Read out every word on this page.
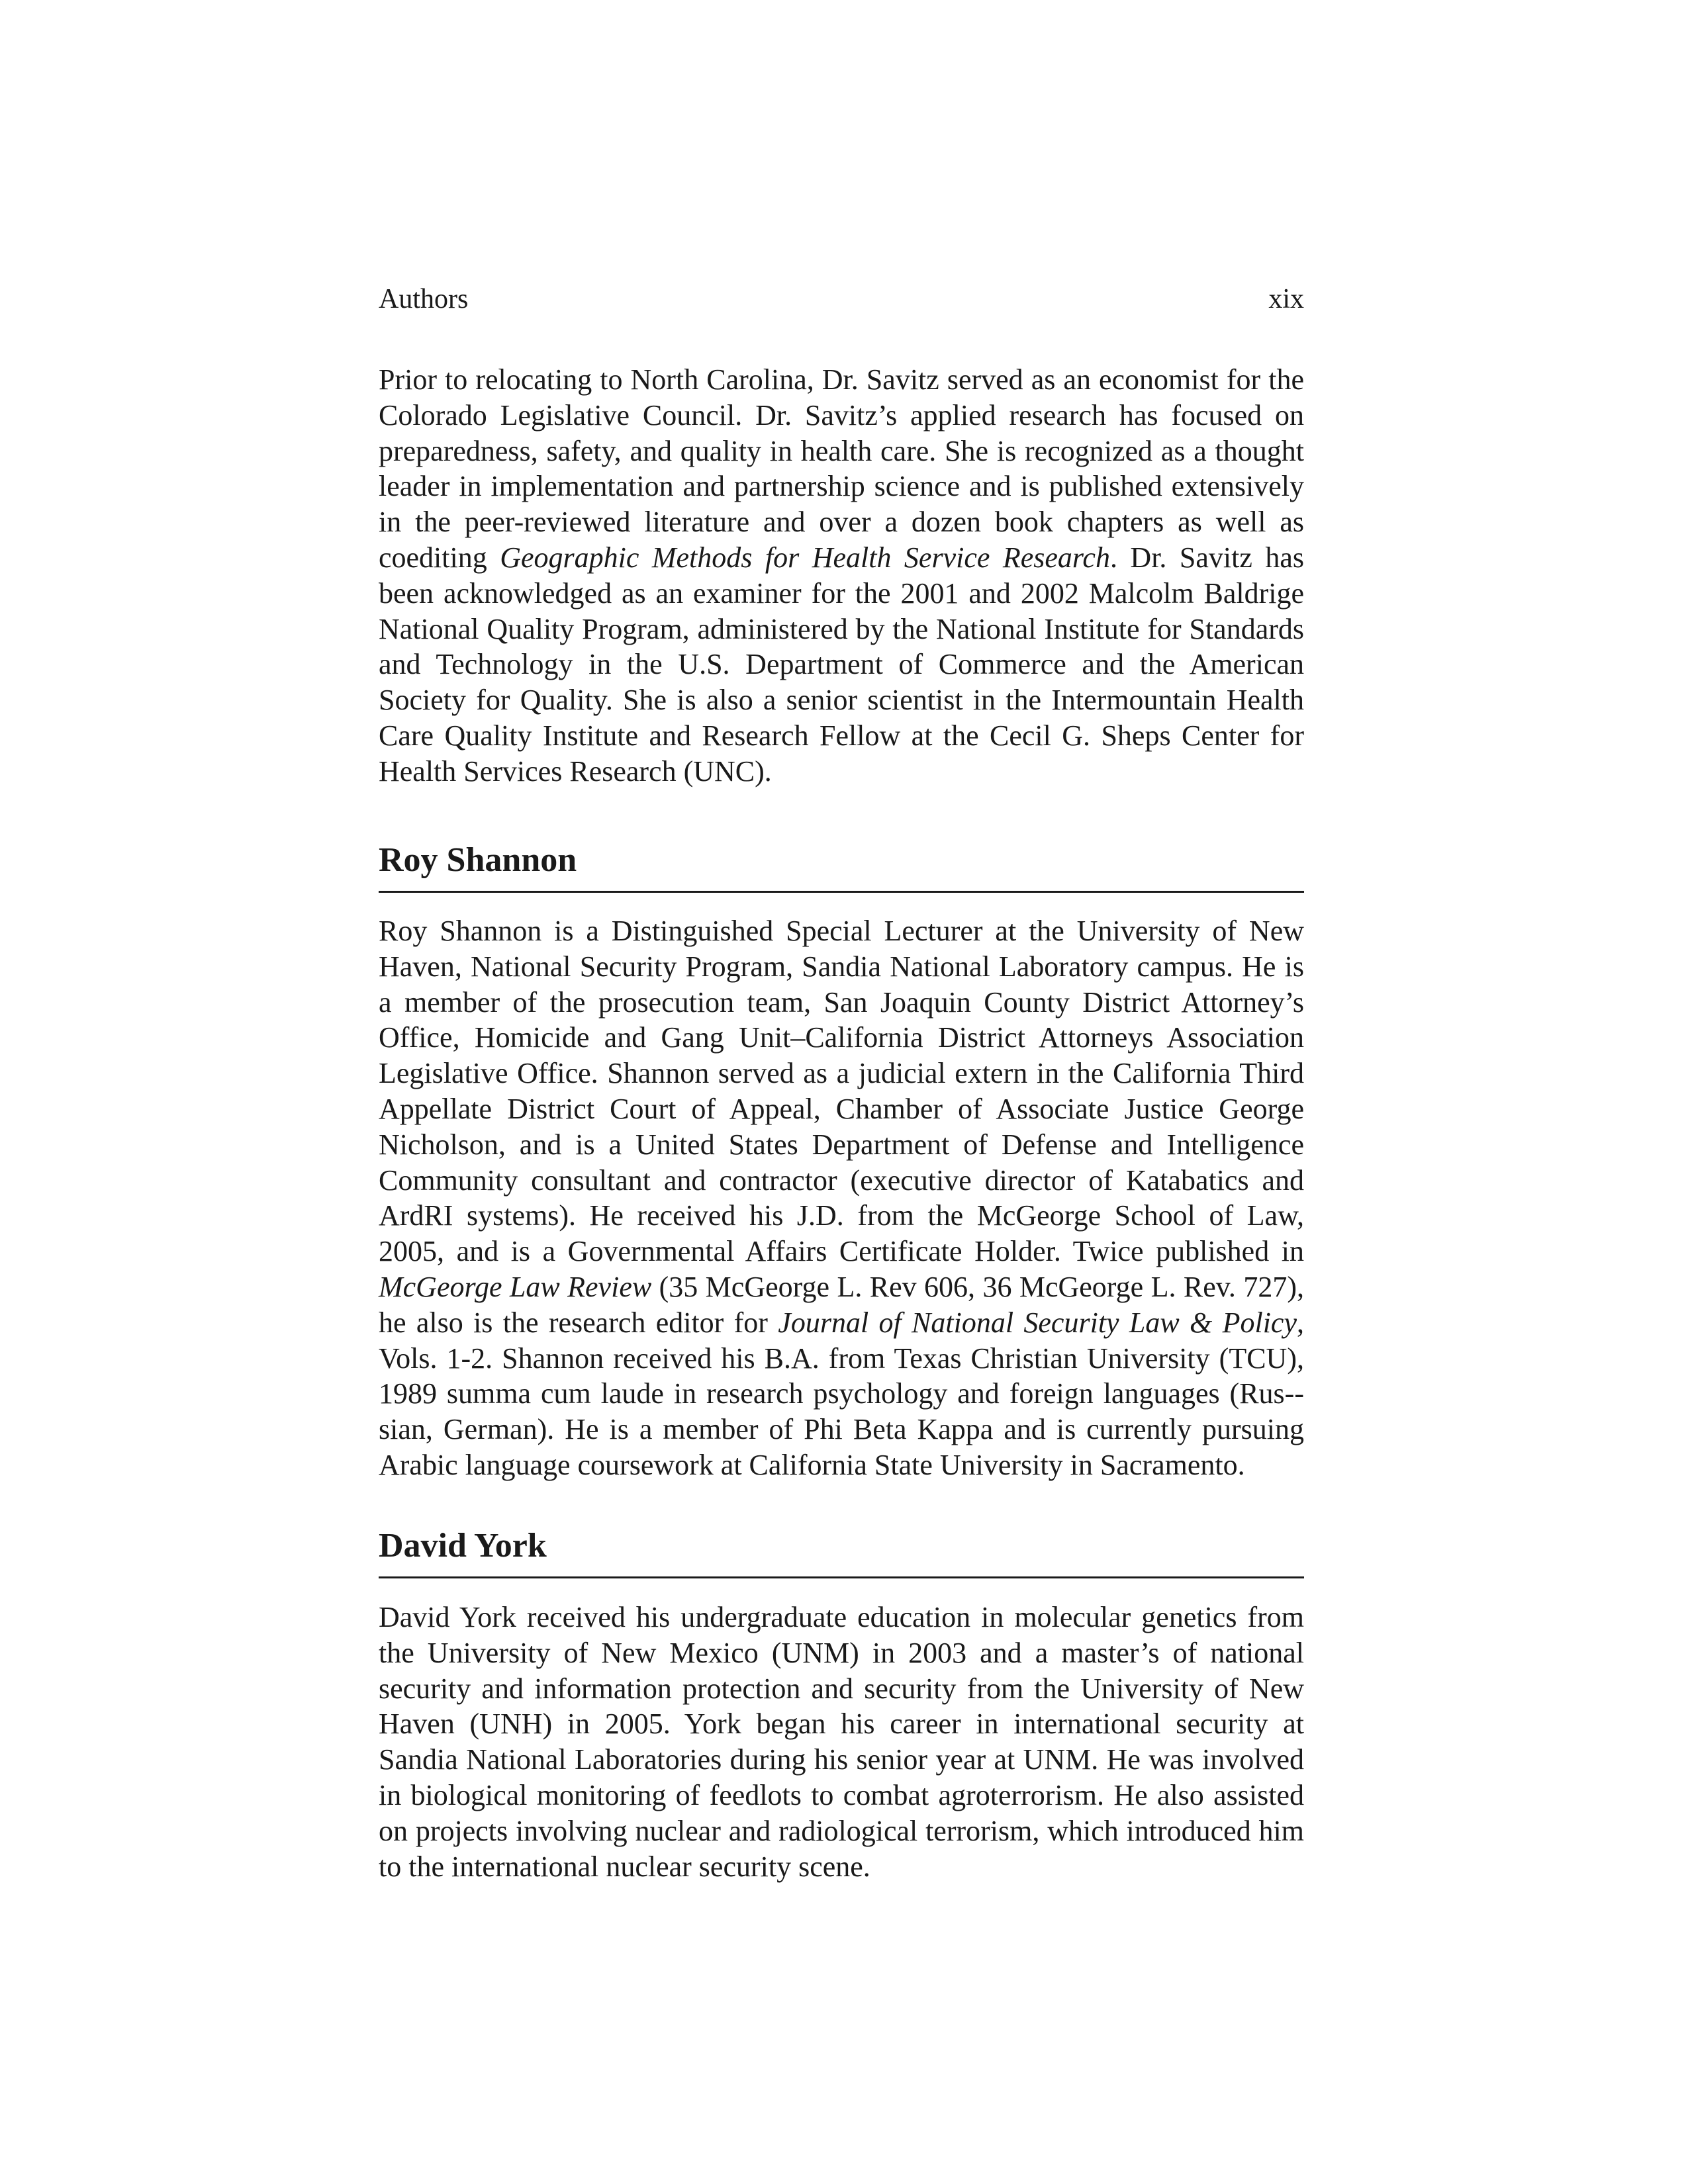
Authors	xix

Prior to relocating to North Carolina, Dr. Savitz served as an economist for the Colorado Legislative Council. Dr. Savitz’s applied research has focused on preparedness, safety, and quality in health care. She is recognized as a thought leader in implementation and partnership science and is published extensively in the peer-reviewed literature and over a dozen book chapters as well as coediting Geographic Methods for Health Service Research. Dr. Savitz has been acknowledged as an examiner for the 2001 and 2002 Malcolm Baldrige National Quality Program, administered by the National Institute for Standards and Technology in the U.S. Department of Commerce and the American Society for Quality. She is also a senior scientist in the Intermountain Health Care Quality Institute and Research Fellow at the Cecil G. Sheps Center for Health Services Research (UNC).

Roy Shannon

Roy Shannon is a Distinguished Special Lecturer at the University of New Haven, National Security Program, Sandia National Laboratory campus. He is a member of the prosecution team, San Joaquin County District Attorney’s Office, Homicide and Gang Unit–California District Attorneys Association Legislative Office. Shannon served as a judicial extern in the California Third Appellate District Court of Appeal, Chamber of Associate Justice George Nicholson, and is a United States Department of Defense and Intelligence Community consultant and contractor (executive director of Katabatics and ArdRI systems). He received his J.D. from the McGeorge School of Law, 2005, and is a Governmental Affairs Certificate Holder. Twice published in McGeorge Law Review (35 McGeorge L. Rev 606, 36 McGeorge L. Rev. 727), he also is the research editor for Journal of National Security Law & Policy, Vols. 1-2. Shannon received his B.A. from Texas Christian University (TCU), 1989 summa cum laude in research psychology and foreign languages (Rus-sian, German). He is a member of Phi Beta Kappa and is currently pursuing Arabic language coursework at California State University in Sacramento.

David York

David York received his undergraduate education in molecular genetics from the University of New Mexico (UNM) in 2003 and a master’s of national security and information protection and security from the University of New Haven (UNH) in 2005. York began his career in international security at Sandia National Laboratories during his senior year at UNM. He was involved in biological monitoring of feedlots to combat agroterrorism. He also assisted on projects involving nuclear and radiological terrorism, which introduced him to the international nuclear security scene.
